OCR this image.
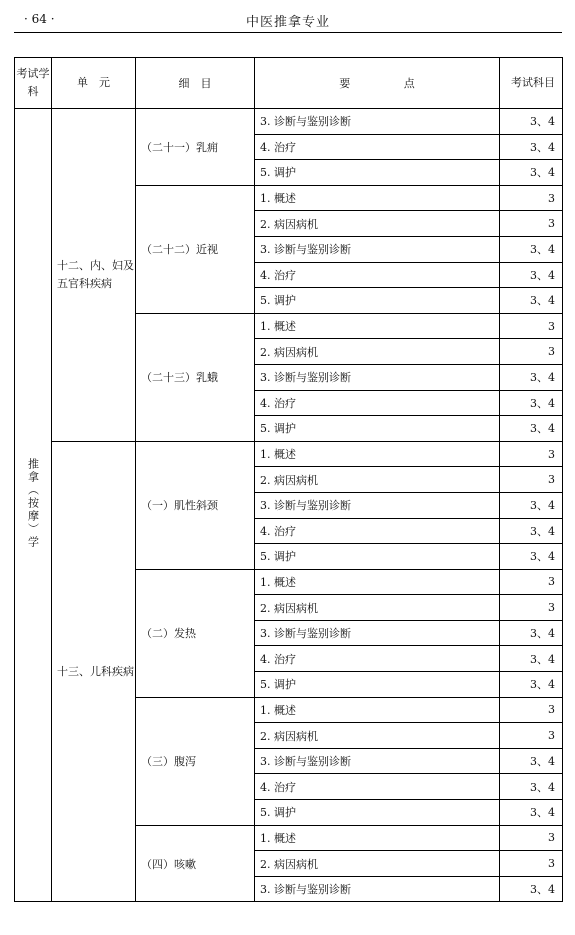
· 64 ·	中医推拿专业
考试学科	单　元	细　目	要 点	考试科目
推拿（按摩）学	十二、内、妇及五官科疾病	（二十一）乳痈	3. 诊断与鉴别诊断	3、4
			4. 治疗	3、4
			5. 调护	3、4
		（二十二）近视	1. 概述	3
			2. 病因病机	3
			3. 诊断与鉴别诊断	3、4
			4. 治疗	3、4
			5. 调护	3、4
		（二十三）乳蛾	1. 概述	3
			2. 病因病机	3
			3. 诊断与鉴别诊断	3、4
			4. 治疗	3、4
			5. 调护	3、4
	十三、儿科疾病	（一）肌性斜颈	1. 概述	3
			2. 病因病机	3
			3. 诊断与鉴别诊断	3、4
			4. 治疗	3、4
			5. 调护	3、4
		（二）发热	1. 概述	3
			2. 病因病机	3
			3. 诊断与鉴别诊断	3、4
			4. 治疗	3、4
			5. 调护	3、4
		（三）腹泻	1. 概述	3
			2. 病因病机	3
			3. 诊断与鉴别诊断	3、4
			4. 治疗	3、4
			5. 调护	3、4
		（四）咳嗽	1. 概述	3
			2. 病因病机	3
			3. 诊断与鉴别诊断	3、4
